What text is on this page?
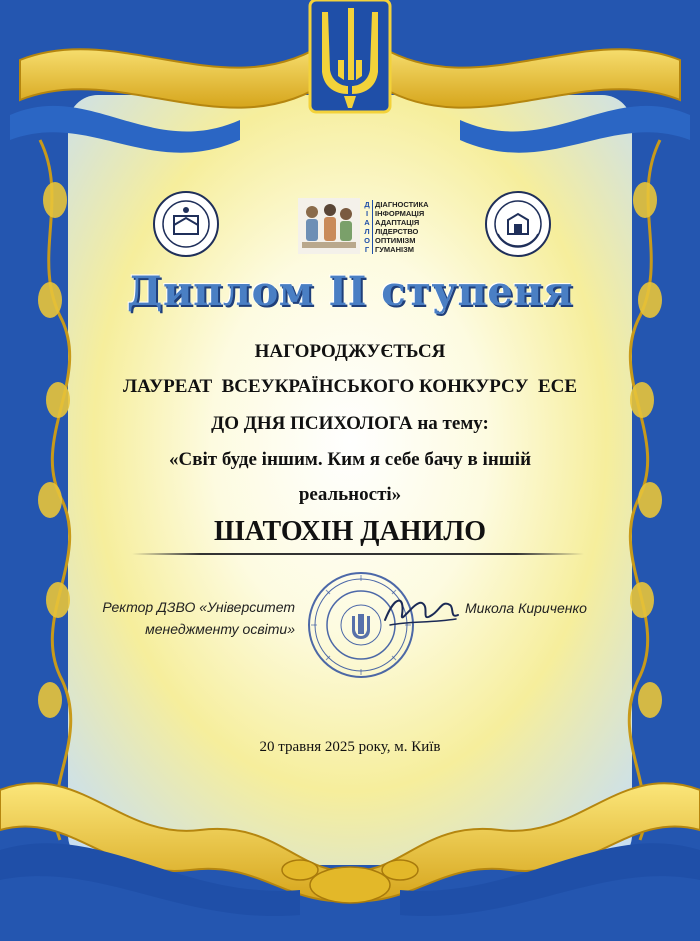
Д
І
А
Л
О
Г
ДІАГНОСТИКА
ІНФОРМАЦІЯ
АДАПТАЦІЯ
ЛІДЕРСТВО
ОПТИМІЗМ
ГУМАНІЗМ
Диплом II ступеня
НАГОРОДЖУЄТЬСЯ
ЛАУРЕАТ  ВСЕУКРАЇНСЬКОГО КОНКУРСУ  ЕСЕ
ДО ДНЯ ПСИХОЛОГА на тему:
«Світ буде іншим. Ким я себе бачу в іншій
реальності»
ШАТОХІН ДАНИЛО
Ректор ДЗВО «Університет
менеджменту освіти»
Микола Кириченко
20 травня 2025 року, м. Київ
